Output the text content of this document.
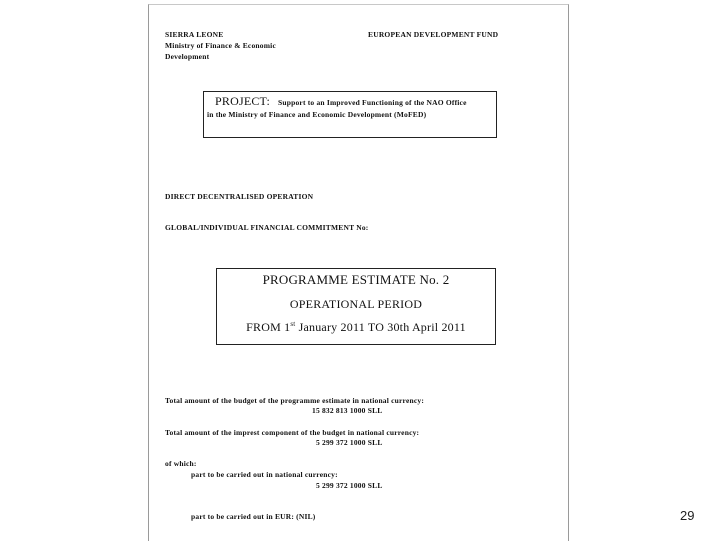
SIERRA LEONE
Ministry of Finance & Economic
Development
EUROPEAN DEVELOPMENT FUND
PROJECT: Support to an Improved Functioning of the NAO Office
in the Ministry of Finance and Economic Development (MoFED)
DIRECT DECENTRALISED OPERATION
GLOBAL/INDIVIDUAL FINANCIAL COMMITMENT No:
PROGRAMME ESTIMATE No. 2
OPERATIONAL PERIOD
FROM 1st January 2011 TO 30th April 2011
Total amount of the budget of the programme estimate in national currency:
15 832 813 1000 SLL
Total amount of the imprest component of the budget in national currency:
5 299 372 1000 SLL
of which:
part to be carried out in national currency:
5 299 372 1000 SLL
part to be carried out in EUR: (NIL)	29
